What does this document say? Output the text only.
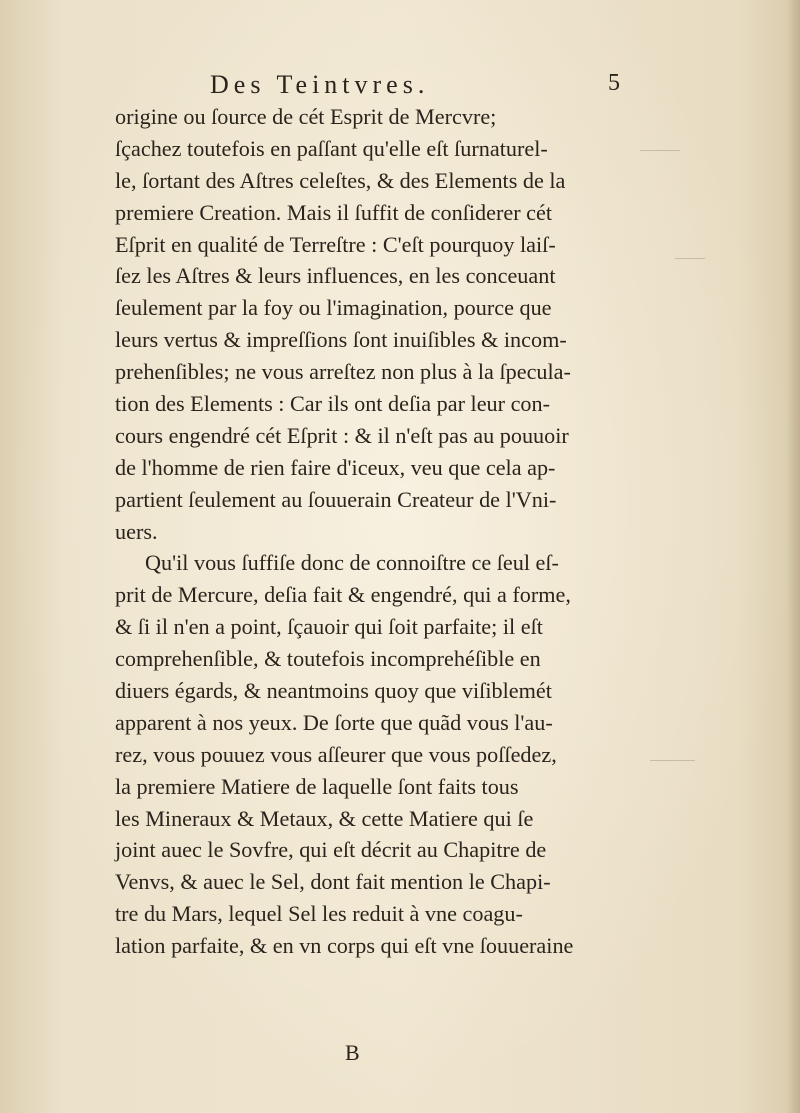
Des Teintvres.	5
origine ou ſource de cét Esprit de Mercvre;
ſçachez toutefois en paſſant qu'elle eſt ſurnaturel-
le, ſortant des Aſtres celeſtes, & des Elements de la
premiere Creation. Mais il ſuffit de conſiderer cét
Eſprit en qualité de Terreſtre : C'eſt pourquoy laiſ-
ſez les Aſtres & leurs influences, en les conceuant
ſeulement par la foy ou l'imagination, pource que
leurs vertus & impreſſions ſont inuiſibles & incom-
prehenſibles; ne vous arreſtez non plus à la ſpecula-
tion des Elements : Car ils ont deſia par leur con-
cours engendré cét Eſprit : & il n'eſt pas au pouuoir
de l'homme de rien faire d'iceux, veu que cela ap-
partient ſeulement au ſouuerain Createur de l'Vni-
uers.
Qu'il vous ſuffiſe donc de connoiſtre ce ſeul eſ-
prit de Mercure, deſia fait & engendré, qui a forme,
& ſi il n'en a point, ſçauoir qui ſoit parfaite; il eſt
comprehenſible, & toutefois incomprehéſible en
diuers égards, & neantmoins quoy que viſiblemét
apparent à nos yeux. De ſorte que quãd vous l'au-
rez, vous pouuez vous aſſeurer que vous poſſedez,
la premiere Matiere de laquelle ſont faits tous
les Mineraux & Metaux, & cette Matiere qui ſe
joint auec le Sovfre, qui eſt décrit au Chapitre de
Venvs, & auec le Sel, dont fait mention le Chapi-
tre du Mars, lequel Sel les reduit à vne coagu-
lation parfaite, & en vn corps qui eſt vne ſouueraine
B
